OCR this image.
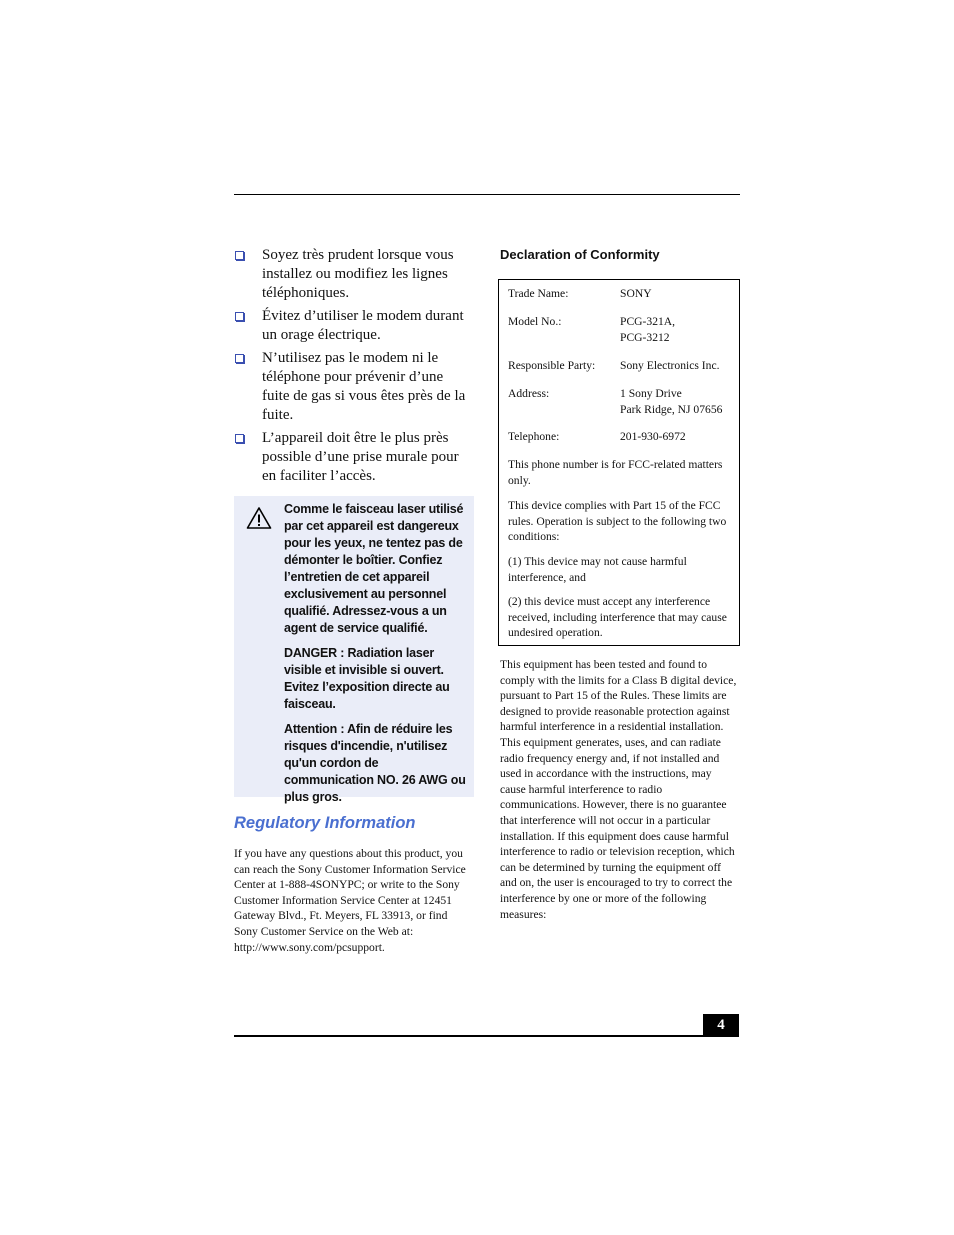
Soyez très prudent lorsque vous installez ou modifiez les lignes téléphoniques.
Évitez d’utiliser le modem durant un orage électrique.
N’utilisez pas le modem ni le téléphone pour prévenir d’une fuite de gas si vous êtes près de la fuite.
L’appareil doit être le plus près possible d’une prise murale pour en faciliter l’accès.

Comme le faisceau laser utilisé par cet appareil est dangereux pour les yeux, ne tentez pas de démonter le boîtier. Confiez l’entretien de cet appareil exclusivement au personnel qualifié. Adressez-vous a un agent de service qualifié.

DANGER : Radiation laser visible et invisible si ouvert. Evitez l’exposition directe au faisceau.

Attention : Afin de réduire les risques d'incendie, n'utilisez qu'un cordon de communication NO. 26 AWG ou plus gros.

Regulatory Information

If you have any questions about this product, you can reach the Sony Customer Information Service Center at 1-888-4SONYPC; or write to the Sony Customer Information Service Center at 12451 Gateway Blvd., Ft. Meyers, FL 33913, or find Sony Customer Service on the Web at: http://www.sony.com/pcsupport.

Declaration of Conformity
Trade Name:	SONY
Model No.:	PCG-321A,
PCG-3212
Responsible Party:	Sony Electronics Inc.
Address:	1 Sony Drive
Park Ridge, NJ 07656
Telephone:	201-930-6972

This phone number is for FCC-related matters only.

This device complies with Part 15 of the FCC rules. Operation is subject to the following two conditions:

(1) This device may not cause harmful interference, and

(2) this device must accept any interference received, including interference that may cause undesired operation.

This equipment has been tested and found to comply with the limits for a Class B digital device, pursuant to Part 15 of the Rules. These limits are designed to provide reasonable protection against harmful interference in a residential installation. This equipment generates, uses, and can radiate radio frequency energy and, if not installed and used in accordance with the instructions, may cause harmful interference to radio communications. However, there is no guarantee that interference will not occur in a particular installation. If this equipment does cause harmful interference to radio or television reception, which can be determined by turning the equipment off and on, the user is encouraged to try to correct the interference by one or more of the following measures:

4
